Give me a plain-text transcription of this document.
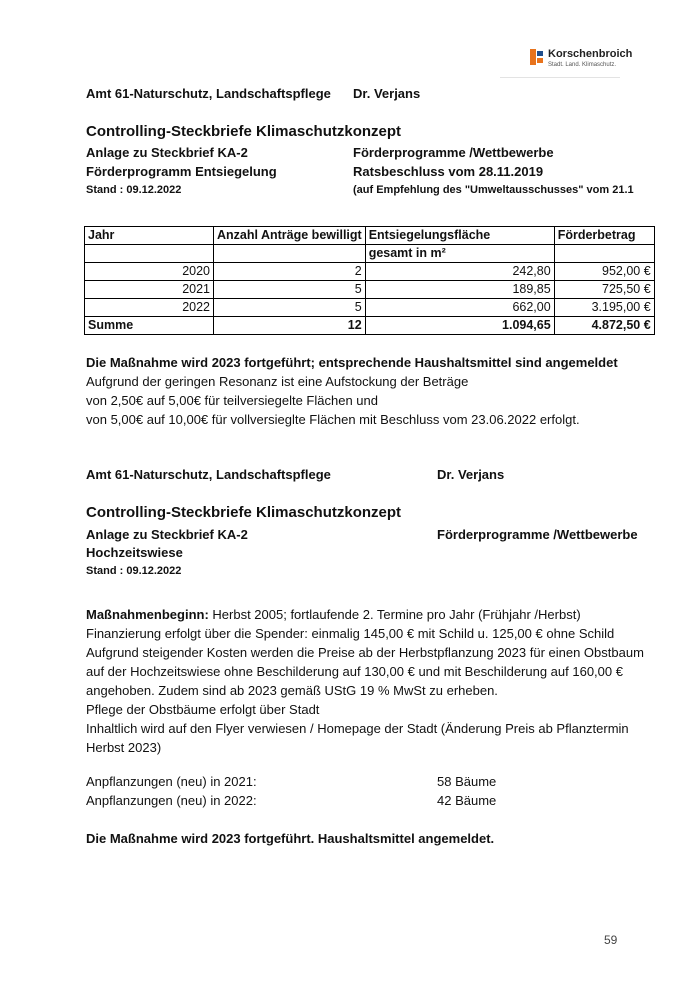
Korschenbroich
Stadt. Land. Klimaschutz.
Amt 61-Naturschutz, Landschaftspflege Dr. Verjans
Controlling-Steckbriefe Klimaschutzkonzept
Anlage zu Steckbrief KA-2	Förderprogramme /Wettbewerbe
Förderprogramm Entsiegelung	Ratsbeschluss vom 28.11.2019
Stand : 09.12.2022	(auf Empfehlung des "Umweltausschusses" vom 21.1
Jahr	Anzahl Anträge bewilligt	Entsiegelungsfläche	Förderbetrag
		gesamt in m²	
2020	2	242,80	952,00 €
2021	5	189,85	725,50 €
2022	5	662,00	3.195,00 €
Summe	12	1.094,65	4.872,50 €
Die Maßnahme wird 2023 fortgeführt; entsprechende Haushaltsmittel sind angemeldet
Aufgrund der geringen Resonanz ist eine Aufstockung der Beträge
von 2,50€ auf 5,00€ für teilversiegelte Flächen und
von 5,00€ auf 10,00€ für vollversieglte Flächen mit Beschluss vom 23.06.2022 erfolgt.
Amt 61-Naturschutz, Landschaftspflege	Dr. Verjans
Controlling-Steckbriefe Klimaschutzkonzept
Anlage zu Steckbrief KA-2	Förderprogramme /Wettbewerbe
Hochzeitswiese
Stand : 09.12.2022
Maßnahmenbeginn: Herbst 2005; fortlaufende 2. Termine pro Jahr (Frühjahr /Herbst)
Finanzierung erfolgt über die Spender: einmalig 145,00 € mit Schild u. 125,00 € ohne Schild
Aufgrund steigender Kosten werden die Preise ab der Herbstpflanzung 2023 für einen Obstbaum
auf der Hochzeitswiese ohne Beschilderung auf 130,00 € und mit Beschilderung auf 160,00 €
angehoben. Zudem sind ab 2023 gemäß UStG 19 % MwSt zu erheben.
Pflege der Obstbäume erfolgt über Stadt
Inhaltlich wird auf den Flyer verwiesen / Homepage der Stadt (Änderung Preis ab Pflanztermin
Herbst 2023)
Anpflanzungen (neu) in 2021:	58 Bäume
Anpflanzungen (neu) in 2022:	42 Bäume
Die Maßnahme wird 2023 fortgeführt. Haushaltsmittel angemeldet.
59
